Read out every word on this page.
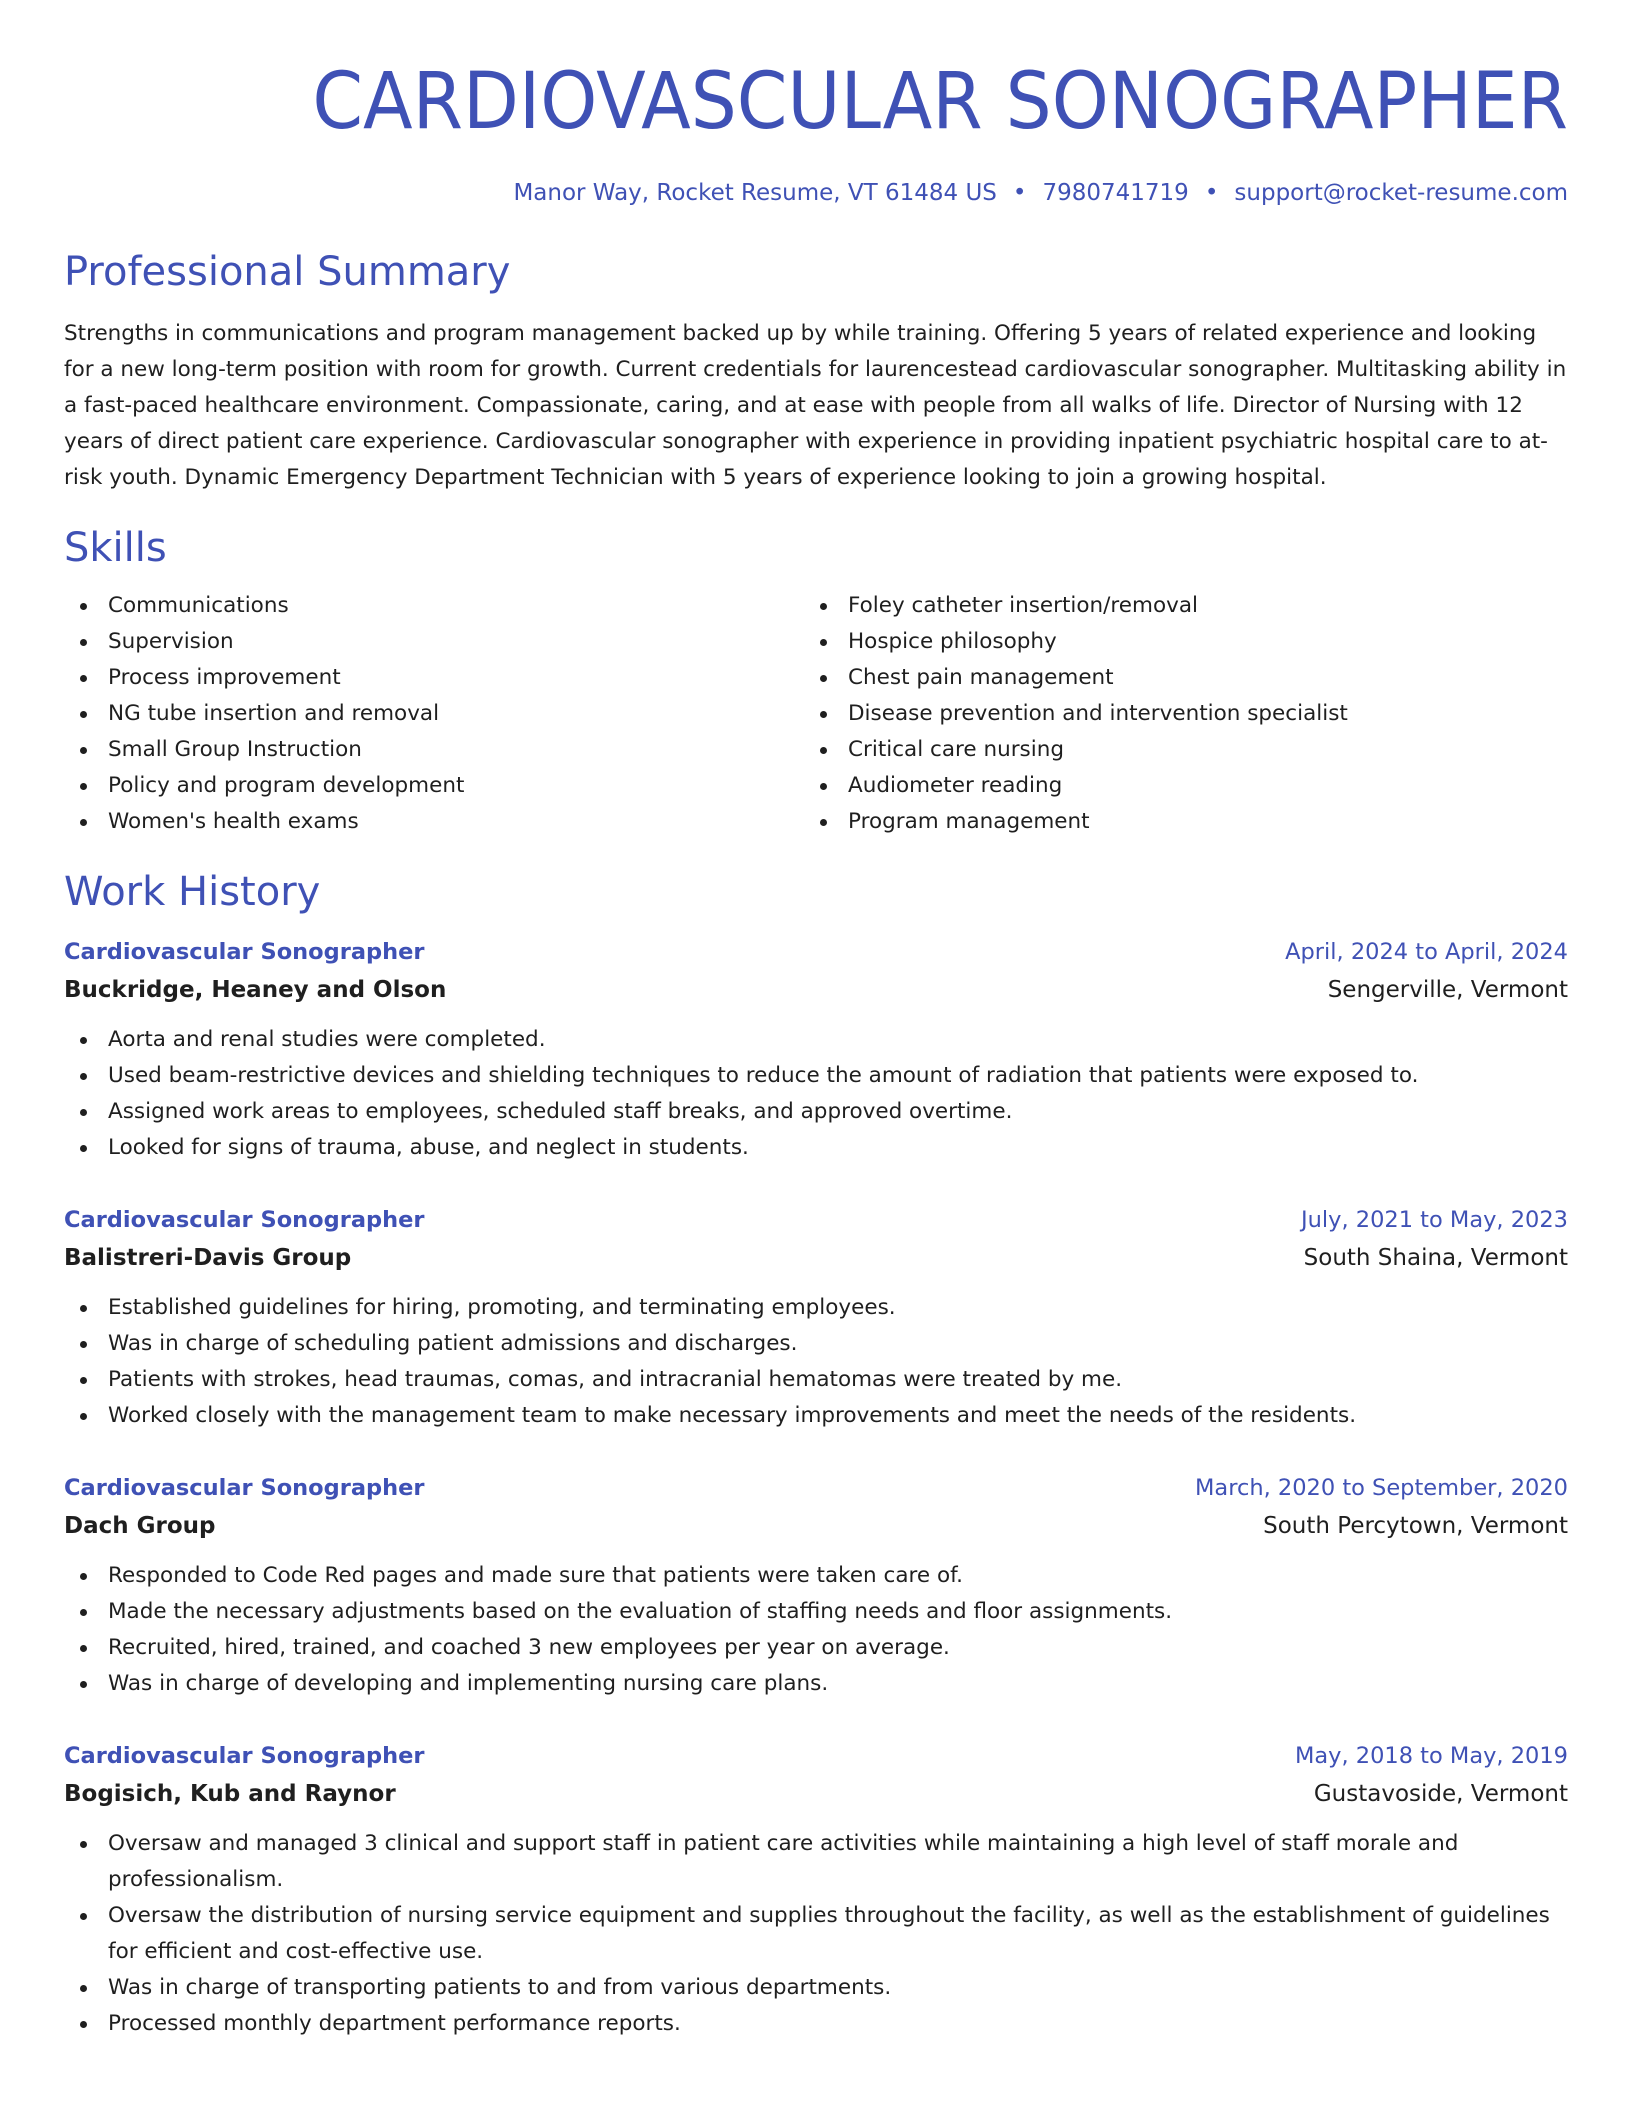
CARDIOVASCULAR SONOGRAPHER
Manor Way, Rocket Resume, VT 61484 US • 7980741719 • support@rocket-resume.com
Professional Summary

Strengths in communications and program management backed up by while training. Offering 5 years of related experience and looking for a new long-term position with room for growth. Current credentials for laurencestead cardiovascular sonographer. Multitasking ability in a fast-paced healthcare environment. Compassionate, caring, and at ease with people from all walks of life. Director of Nursing with 12 years of direct patient care experience. Cardiovascular sonographer with experience in providing inpatient psychiatric hospital care to at-risk youth. Dynamic Emergency Department Technician with 5 years of experience looking to join a growing hospital.

Skills
Communications
Supervision
Process improvement
NG tube insertion and removal
Small Group Instruction
Policy and program development
Women's health exams
Foley catheter insertion/removal
Hospice philosophy
Chest pain management
Disease prevention and intervention specialist
Critical care nursing
Audiometer reading
Program management
Work History
Cardiovascular Sonographer	April, 2024 to April, 2024
Buckridge, Heaney and Olson	Sengerville, Vermont
Aorta and renal studies were completed.
Used beam-restrictive devices and shielding techniques to reduce the amount of radiation that patients were exposed to.
Assigned work areas to employees, scheduled staff breaks, and approved overtime.
Looked for signs of trauma, abuse, and neglect in students.
Cardiovascular Sonographer	July, 2021 to May, 2023
Balistreri-Davis Group	South Shaina, Vermont
Established guidelines for hiring, promoting, and terminating employees.
Was in charge of scheduling patient admissions and discharges.
Patients with strokes, head traumas, comas, and intracranial hematomas were treated by me.
Worked closely with the management team to make necessary improvements and meet the needs of the residents.
Cardiovascular Sonographer	March, 2020 to September, 2020
Dach Group	South Percytown, Vermont
Responded to Code Red pages and made sure that patients were taken care of.
Made the necessary adjustments based on the evaluation of staffing needs and floor assignments.
Recruited, hired, trained, and coached 3 new employees per year on average.
Was in charge of developing and implementing nursing care plans.
Cardiovascular Sonographer	May, 2018 to May, 2019
Bogisich, Kub and Raynor	Gustavoside, Vermont
Oversaw and managed 3 clinical and support staff in patient care activities while maintaining a high level of staff morale and professionalism.
Oversaw the distribution of nursing service equipment and supplies throughout the facility, as well as the establishment of guidelines for efficient and cost-effective use.
Was in charge of transporting patients to and from various departments.
Processed monthly department performance reports.
